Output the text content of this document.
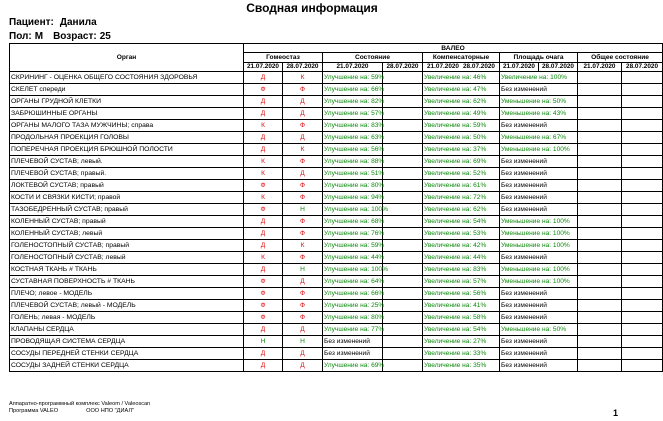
Сводная информация
Пациент: Данила
Пол: М Возраст: 25
Орган	ВАЛЕО								
	Гомеостаз		Состояние		Компенсаторные	Площадь очага		Общее состояние	
	21.07.2020	28.07.2020	21.07.2020	28.07.2020	21.07.2020 28.07.2020	21.07.2020	28.07.2020	21.07.2020	28.07.2020
СКРИНИНГ - ОЦЕНКА ОБЩЕГО СОСТОЯНИЯ ЗДОРОВЬЯ	Д	К	Улучшение на: 59%		Увеличение на: 46%	Увеличение на: 100%			
СКЕЛЕТ спереди	Ф	Ф	Улучшение на: 66%		Увеличение на: 47%	Без изменений			
ОРГАНЫ ГРУДНОЙ КЛЕТКИ	Д	Д	Улучшение на: 82%		Увеличение на: 62%	Уменьшение на: 50%			
ЗАБРЮШИННЫЕ ОРГАНЫ	Д	Д	Улучшение на: 57%		Увеличение на: 49%	Уменьшение на: 43%			
ОРГАНЫ МАЛОГО ТАЗА МУЖЧИНЫ; справа	К	Ф	Улучшение на: 83%		Увеличение на: 59%	Без изменений			
ПРОДОЛЬНАЯ ПРОЕКЦИЯ ГОЛОВЫ	Д	Д	Улучшение на: 63%		Увеличение на: 50%	Уменьшение на: 67%			
ПОПЕРЕЧНАЯ ПРОЕКЦИЯ БРЮШНОЙ ПОЛОСТИ	Д	К	Улучшение на: 56%		Увеличение на: 37%	Уменьшение на: 100%			
ПЛЕЧЕВОЙ СУСТАВ; левый.	К	Ф	Улучшение на: 88%		Увеличение на: 69%	Без изменений			
ПЛЕЧЕВОЙ СУСТАВ; правый.	К	Д	Улучшение на: 51%		Увеличение на: 52%	Без изменений			
ЛОКТЕВОЙ СУСТАВ; правый	Ф	Ф	Улучшение на: 80%		Увеличение на: 61%	Без изменений			
КОСТИ И СВЯЗКИ КИСТИ; правой	К	Ф	Улучшение на: 94%		Увеличение на: 72%	Без изменений			
ТАЗОБЕДРЕННЫЙ СУСТАВ; правый	Ф	Н	Улучшение на: 100%		Увеличение на: 62%	Без изменений			
КОЛЕННЫЙ СУСТАВ; правый	Д	Ф	Улучшение на: 68%		Увеличение на: 54%	Уменьшение на: 100%			
КОЛЕННЫЙ СУСТАВ; левый	Д	Ф	Улучшение на: 76%		Увеличение на: 53%	Уменьшение на: 100%			
ГОЛЕНОСТОПНЫЙ СУСТАВ; правый	Д	К	Улучшение на: 59%		Увеличение на: 42%	Уменьшение на: 100%			
ГОЛЕНОСТОПНЫЙ СУСТАВ; левый	К	Ф	Улучшение на: 44%		Увеличение на: 44%	Без изменений			
КОСТНАЯ ТКАНЬ # ТКАНЬ	Д	Н	Улучшение на: 100%		Увеличение на: 83%	Уменьшение на: 100%			
СУСТАВНАЯ ПОВЕРХНОСТЬ # ТКАНЬ	Ф	Д	Улучшение на: 64%		Увеличение на: 57%	Уменьшение на: 100%			
ПЛЕЧО; левое - МОДЕЛЬ	Ф	Ф	Улучшение на: 66%		Увеличение на: 56%	Без изменений			
ПЛЕЧЕВОЙ СУСТАВ; левый - МОДЕЛЬ	Ф	Ф	Улучшение на: 25%		Увеличение на: 41%	Без изменений			
ГОЛЕНЬ; левая - МОДЕЛЬ	Ф	Ф	Улучшение на: 80%		Увеличение на: 58%	Без изменений			
КЛАПАНЫ СЕРДЦА	Д	Д	Улучшение на: 77%		Увеличение на: 54%	Уменьшение на: 50%			
ПРОВОДЯЩАЯ СИСТЕМА СЕРДЦА	Н	Н	Без изменений		Увеличение на: 27%	Без изменений			
СОСУДЫ ПЕРЕДНЕЙ СТЕНКИ СЕРДЦА	Д	Д	Без изменений		Увеличение на: 33%	Без изменений			
СОСУДЫ ЗАДНЕЙ СТЕНКИ СЕРДЦА	Д	Д	Улучшение на: 69%		Увеличение на: 35%	Без изменений			
Аппаратно-программный комплекс Valeom / Valeoscan
Программа VALEO	ООО НПО "ДИАЛ"	1
